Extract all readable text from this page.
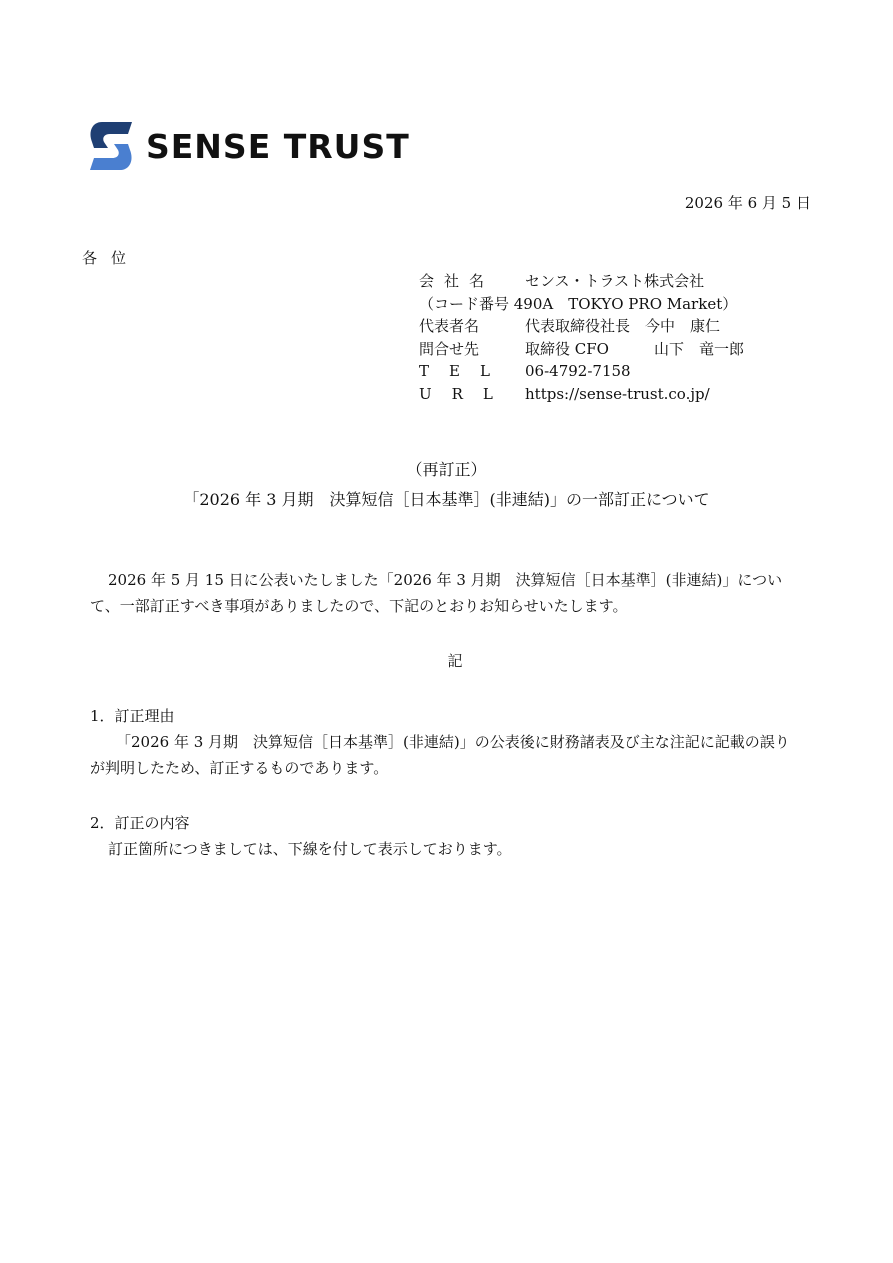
SENSE TRUST
2026 年 6 月 5 日
各位
会社名	センス・トラスト株式会社
（コード番号 490A　TOKYO PRO Market）
代表者名	代表取締役社長　今中　康仁
問合せ先	取締役 CFO　　　山下　竜一郎
TEL	06-4792-7158
URL https://sense-trust.co.jp/
（再訂正）
「2026 年 3 月期　決算短信［日本基準］(非連結)」の一部訂正について
2026 年 5 月 15 日に公表いたしました「2026 年 3 月期　決算短信［日本基準］(非連結)」につい
て、一部訂正すべき事項がありましたので、下記のとおりお知らせいたします。
記
1．訂正理由
「2026 年 3 月期　決算短信［日本基準］(非連結)」の公表後に財務諸表及び主な注記に記載の誤り
が判明したため、訂正するものであります。
2．訂正の内容
訂正箇所につきましては、下線を付して表示しております。
